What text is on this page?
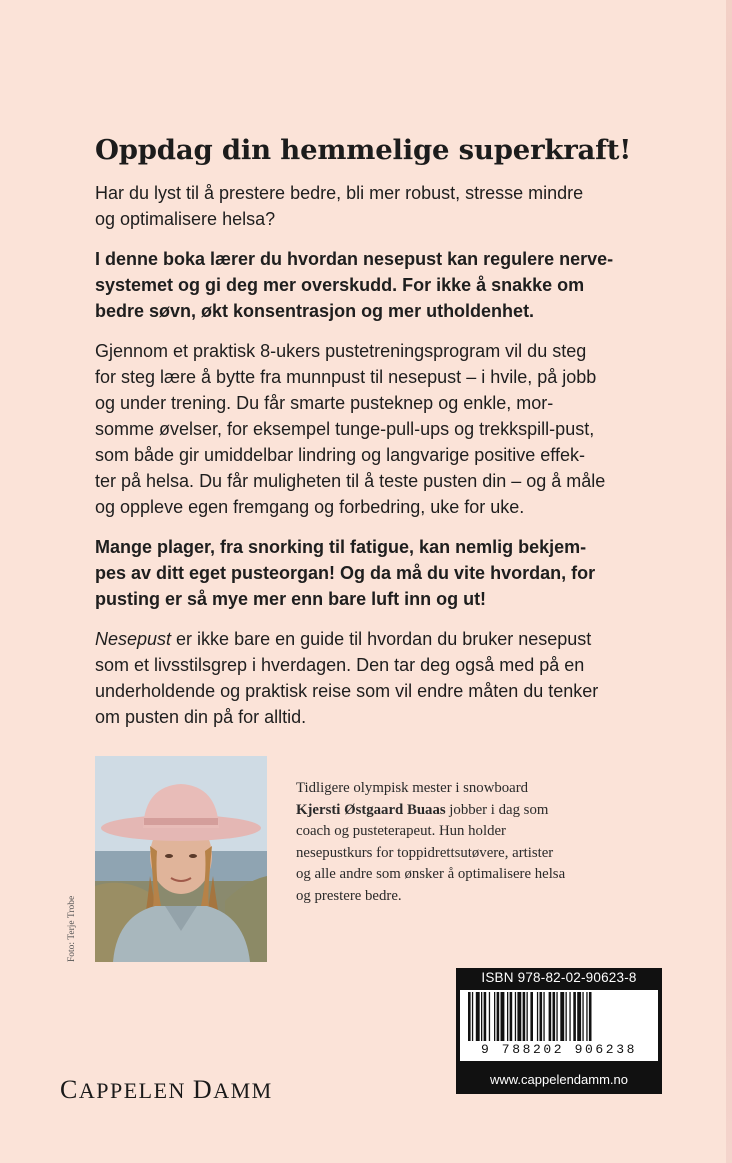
Oppdag din hemmelige superkraft!

Har du lyst til å prestere bedre, bli mer robust, stresse mindre
og optimalisere helsa?

I denne boka lærer du hvordan nesepust kan regulere nerve-
systemet og gi deg mer overskudd. For ikke å snakke om
bedre søvn, økt konsentrasjon og mer utholdenhet.

Gjennom et praktisk 8-ukers pustetreningsprogram vil du steg
for steg lære å bytte fra munnpust til nesepust – i hvile, på jobb
og under trening. Du får smarte pusteknep og enkle, mor-
somme øvelser, for eksempel tunge-pull-ups og trekkspill-pust,
som både gir umiddelbar lindring og langvarige positive effek-
ter på helsa. Du får muligheten til å teste pusten din – og å måle
og oppleve egen fremgang og forbedring, uke for uke.

Mange plager, fra snorking til fatigue, kan nemlig bekjem-
pes av ditt eget pusteorgan! Og da må du vite hvordan, for
pusting er så mye mer enn bare luft inn og ut!

Nesepust er ikke bare en guide til hvordan du bruker nesepust
som et livsstilsgrep i hverdagen. Den tar deg også med på en
underholdende og praktisk reise som vil endre måten du tenker
om pusten din på for alltid.

Foto: Terje Trobe
Tidligere olympisk mester i snowboard
Kjersti Østgaard Buaas jobber i dag som
coach og pusteterapeut. Hun holder
nesepustkurs for toppidrettsutøvere, artister
og alle andre som ønsker å optimalisere helsa
og prestere bedre.
CAPPELEN DAMM
ISBN 978-82-02-90623-8
9 788202 906238
www.cappelendamm.no
